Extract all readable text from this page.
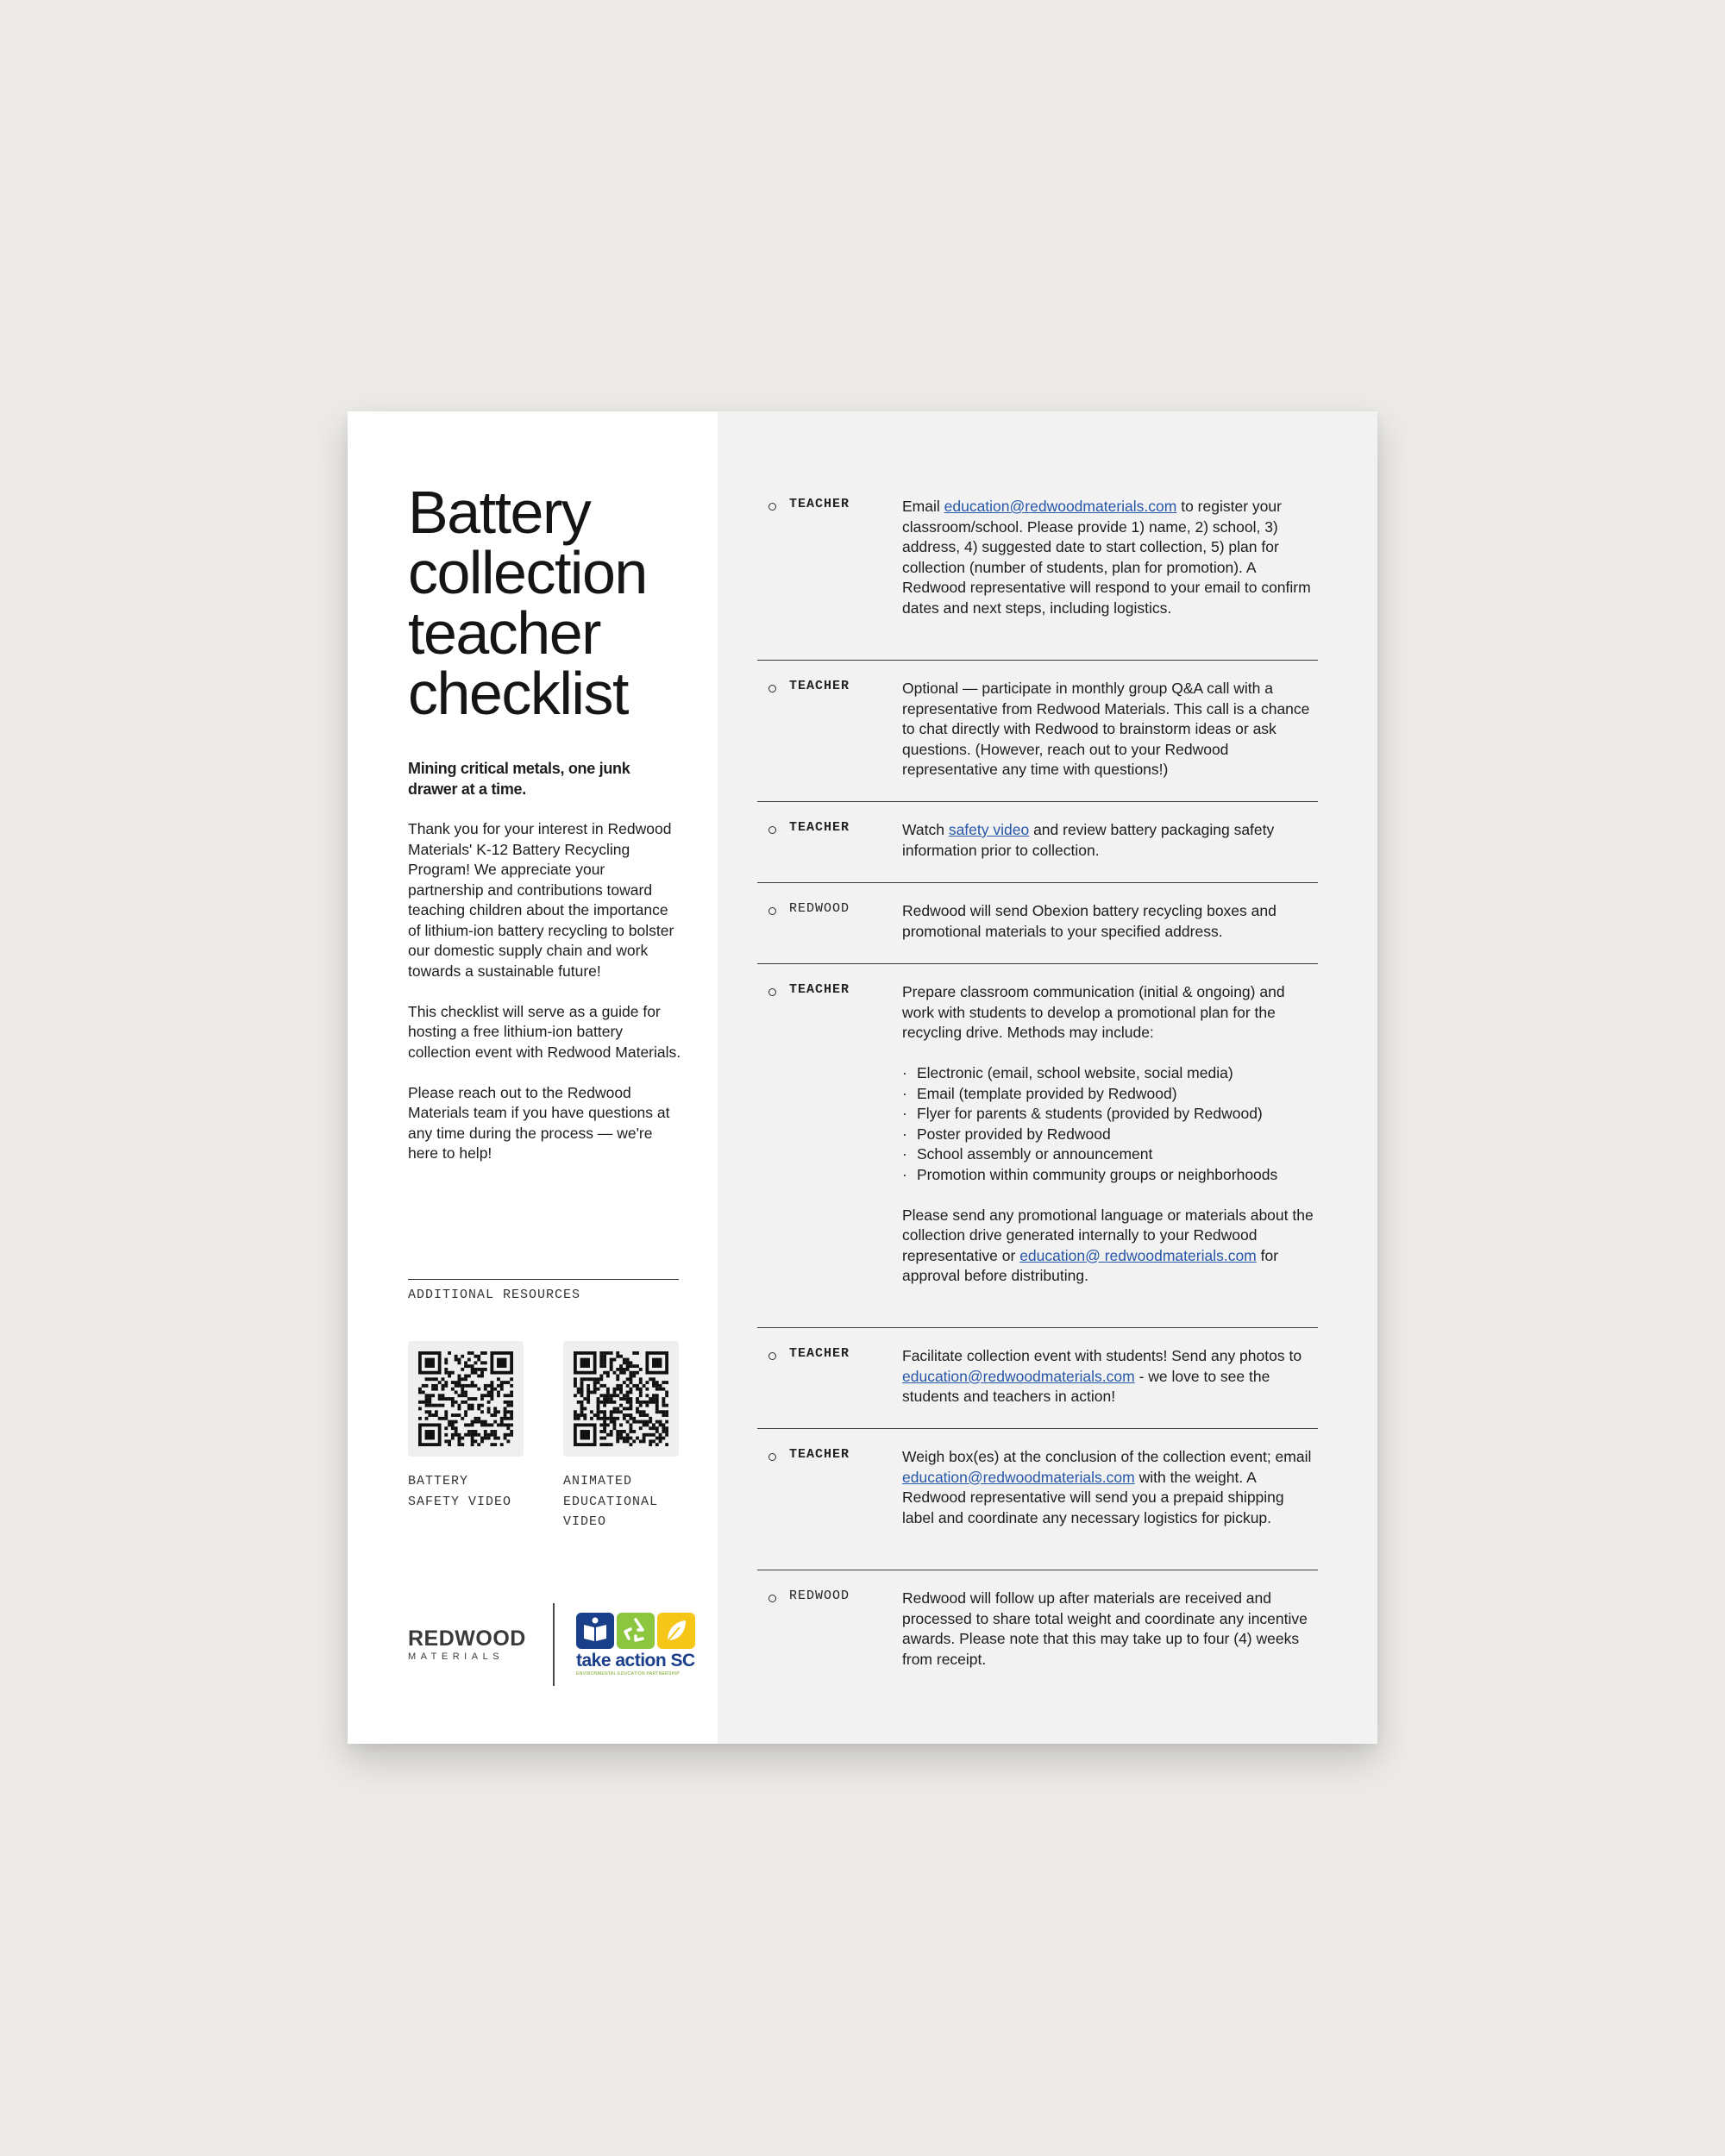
Battery collection teacher checklist

Mining critical metals, one junk drawer at a time.

Thank you for your interest in Redwood Materials' K-12 Battery Recycling Program! We appreciate your partnership and contributions toward teaching children about the importance of lithium-ion battery recycling to bolster our domestic supply chain and work towards a sustainable future!

This checklist will serve as a guide for hosting a free lithium-ion battery collection event with Redwood Materials.

Please reach out to the Redwood Materials team if you have questions at any time during the process — we're here to help!

ADDITIONAL RESOURCES
BATTERY
SAFETY VIDEO
ANIMATED
EDUCATIONAL
VIDEO
REDWOOD
MATERIALS	take action SC
ENVIRONMENTAL EDUCATION PARTNERSHIP
TEACHER	Email education@redwoodmaterials.com to register your classroom/school. Please provide 1) name, 2) school, 3) address, 4) suggested date to start collection, 5) plan for collection (number of students, plan for promotion). A Redwood representative will respond to your email to confirm dates and next steps, including logistics.

TEACHER	Optional — participate in monthly group Q&A call with a representative from Redwood Materials. This call is a chance to chat directly with Redwood to brainstorm ideas or ask questions. (However, reach out to your Redwood representative any time with questions!)

TEACHER	Watch safety video and review battery packaging safety information prior to collection.

REDWOOD	Redwood will send Obexion battery recycling boxes and promotional materials to your specified address.

TEACHER	Prepare classroom communication (initial & ongoing) and work with students to develop a promotional plan for the recycling drive. Methods may include:

· Electronic (email, school website, social media)
· Email (template provided by Redwood)
· Flyer for parents & students (provided by Redwood)
· Poster provided by Redwood
· School assembly or announcement
· Promotion within community groups or neighborhoods

Please send any promotional language or materials about the collection drive generated internally to your Redwood representative or education@ redwoodmaterials.com for approval before distributing.

TEACHER	Facilitate collection event with students! Send any photos to education@redwoodmaterials.com - we love to see the students and teachers in action!

TEACHER	Weigh box(es) at the conclusion of the collection event; email education@redwoodmaterials.com with the weight. A Redwood representative will send you a prepaid shipping label and coordinate any necessary logistics for pickup.

REDWOOD	Redwood will follow up after materials are received and processed to share total weight and coordinate any incentive awards. Please note that this may take up to four (4) weeks from receipt.
